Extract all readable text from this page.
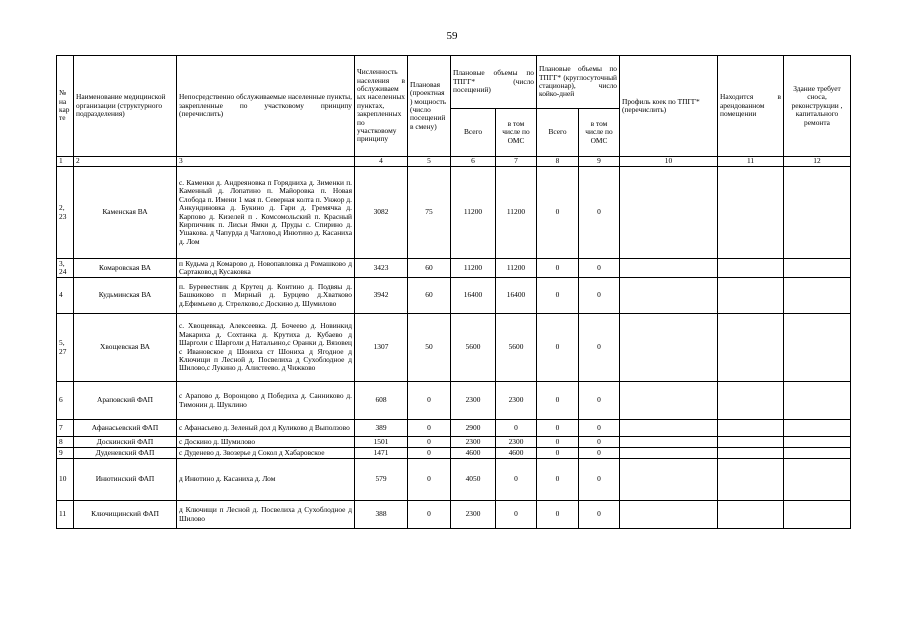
59
№ на кар те	Наименование медицинской организации (структурного подразделения)	Непосредственно обслуживаемые населенные пункты, закрепленные по участковому принципу (перечислить)	Численность населения в обслуживаем ых населенных пунктах, закрепленных по участковому принципу	Плановая (проектная ) мощность (число посещений в смену)	Плановые объемы по ТПГГ* (число посещений)		Плановые объемы по ТПГГ* (круглосуточный стационар), число койко-дней		Профиль коек по ТПГГ* (перечислить)	Находится в арендованном помещении	Здание требует сноса, реконструкции , капитального ремонта
					Всего	в том числе по ОМС	Всего	в том числе по ОМС			
1	2	3	4	5	6	7	8	9	10	11	12
2, 23	Каменская ВА	с. Каменки д. Андреяновка п Горядниха д. Зименки п. Каменный д. Лопатино п. Майоровка п. Новая Слобода п. Имени 1 мая п. Северная колта п. Унжор д. Анкундиновка д. Букино д. Гари д. Гремячка д. Карпово д. Кизелей п . Комсомольский п. Красный Кирпичник п. Лисьи Ямки д. Пруды с. Спирино д. Ушакова. д Чапурда д Чаглово,д Инютино д. Касаниха д. Лом	3082	75	11200	11200	0	0			
3, 24	Комаровская ВА	п Кудьма д Комарово д. Новопавловка д Ромашково д Сартаково,д Кусаковка	3423	60	11200	11200	0	0			
4	Кудьминская ВА	п. Буревестник д Крутец д. Контино д. Подвяы д. Башкиково п Мирный д. Бурцево д.Хватково д.Ефимьево д. Стрелково,с Доскино д. Шумилово	3942	60	16400	16400	0	0			
5, 27	Хвощевская ВА	с. Хвощевкад. Алексеевка. Д. Бочеево д. Новинкид Макариха д. Сохтанка д. Крутиха д. Кубаево д Шарголи с Шарголи д Натальино,с Оранки д. Вязовец с Ивановское д Шониха ст Шониха д Ягодное д Ключищи п Лесной д. Посвелиха д Сухоблодное д Шилово,с Лукино д. Алистеево. д Чижково	1307	50	5600	5600	0	0			
6	Араповский ФАП	с Арапово д. Воронцово д Победиха д. Санниково д. Тимонин д. Шуклино	608	0	2300	2300	0	0			
7	Афанасьевский ФАП	с Афанасьево д. Зеленый дол д Куликово д Выползово	389	0	2900	0	0	0			
8	Доскинский ФАП	с Доскино д. Шумилово	1501	0	2300	2300	0	0			
9	Дуденевский ФАП	с Дуденево д. Звозерье д Сокол д Хабаровское	1471	0	4600	4600	0	0			
10	Инютинский ФАП	д Инютино д. Касаниха д. Лом	579	0	4050	0	0	0			
11	Ключищинский ФАП	д Ключищи п Лесной д. Посвелиха д Сухоблодное д Шилово	388	0	2300	0	0	0			
